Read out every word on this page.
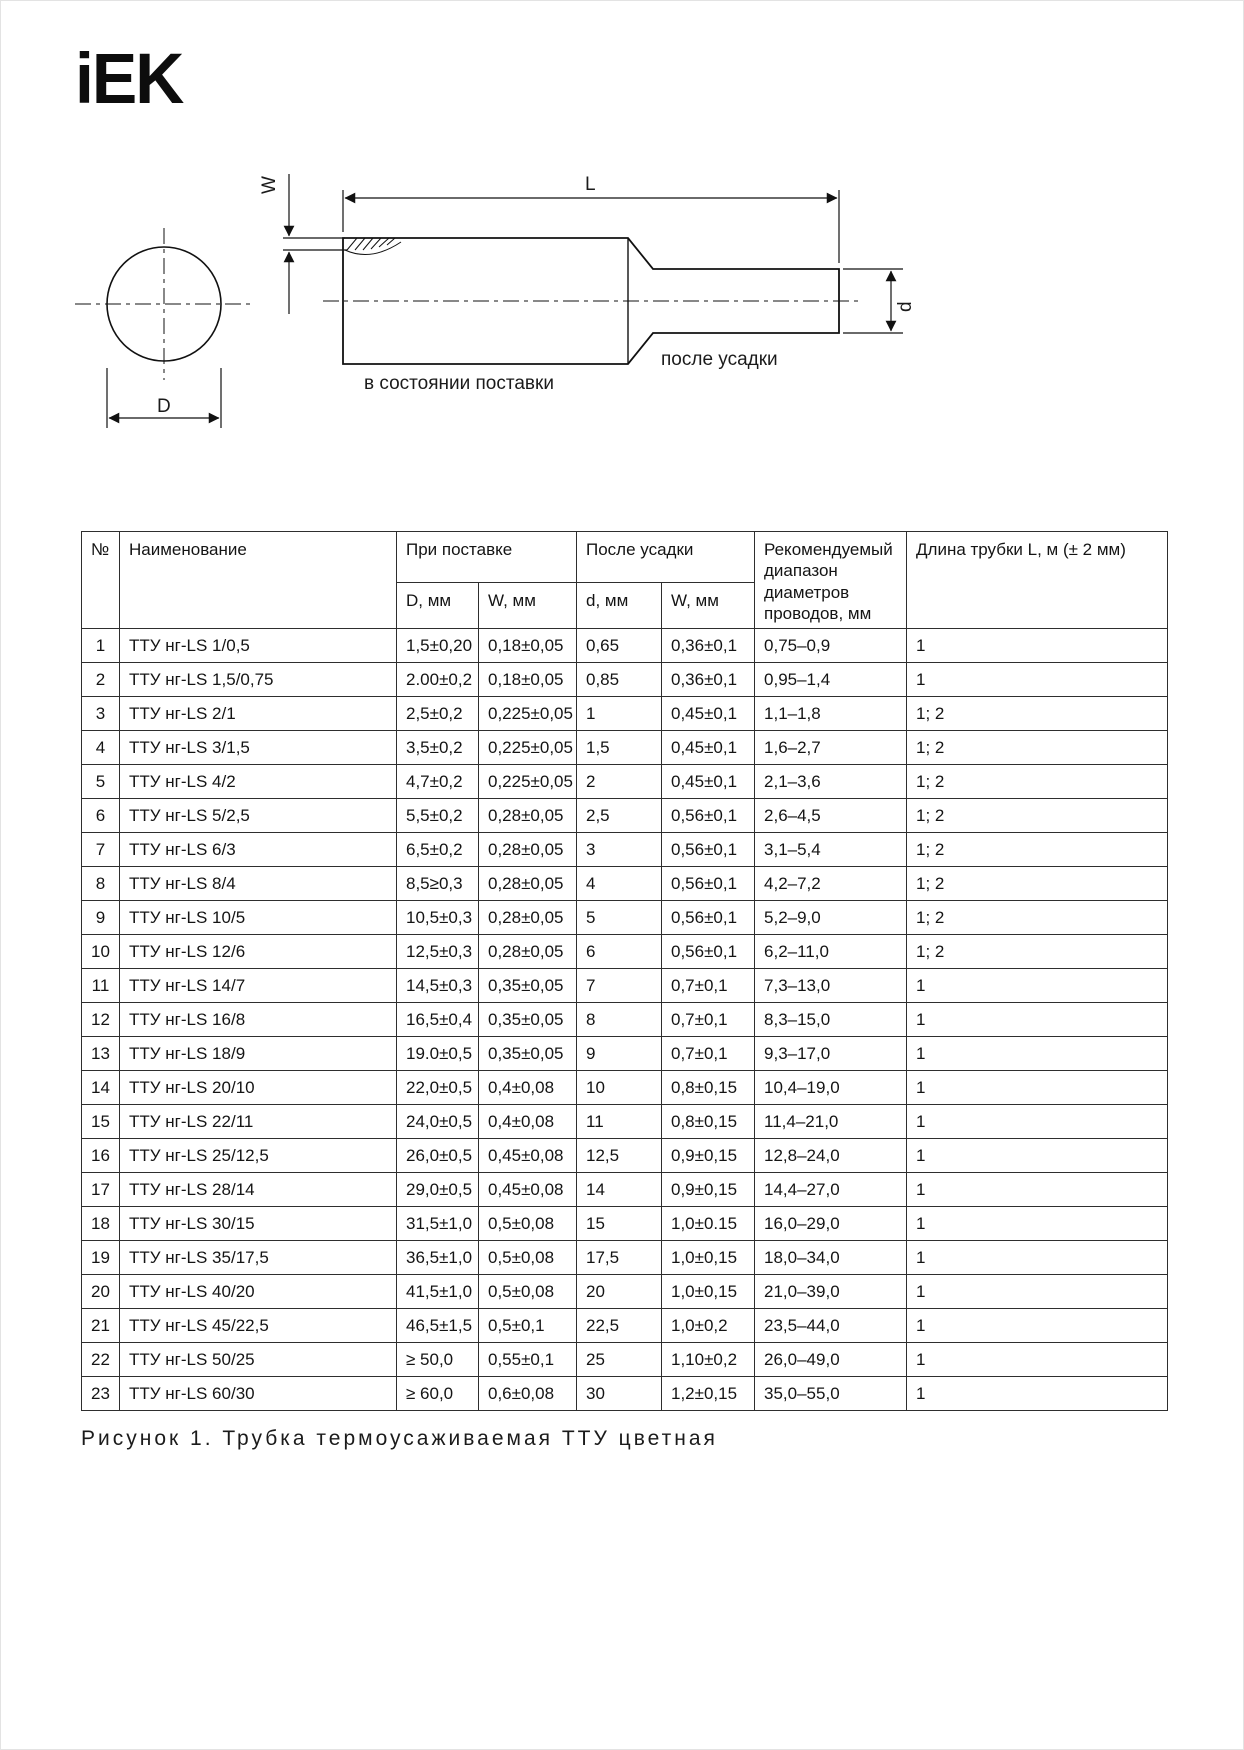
iEK
D
W	L
d
после усадки
в состоянии поставки
№	Наименование	При поставке		После усадки		Рекомендуемый диапазон диаметров проводов, мм	Длина трубки L, м (± 2 мм)
		D, мм	W, мм	d, мм	W, мм		
1	ТТУ нг-LS 1/0,5	1,5±0,20	0,18±0,05	0,65	0,36±0,1	0,75–0,9	1
2	ТТУ нг-LS 1,5/0,75	2.00±0,2	0,18±0,05	0,85	0,36±0,1	0,95–1,4	1
3	ТТУ нг-LS 2/1	2,5±0,2	0,225±0,05	1	0,45±0,1	1,1–1,8	1; 2
4	ТТУ нг-LS 3/1,5	3,5±0,2	0,225±0,05	1,5	0,45±0,1	1,6–2,7	1; 2
5	ТТУ нг-LS 4/2	4,7±0,2	0,225±0,05	2	0,45±0,1	2,1–3,6	1; 2
6	ТТУ нг-LS 5/2,5	5,5±0,2	0,28±0,05	2,5	0,56±0,1	2,6–4,5	1; 2
7	ТТУ нг-LS 6/3	6,5±0,2	0,28±0,05	3	0,56±0,1	3,1–5,4	1; 2
8	ТТУ нг-LS 8/4	8,5≥0,3	0,28±0,05	4	0,56±0,1	4,2–7,2	1; 2
9	ТТУ нг-LS 10/5	10,5±0,3	0,28±0,05	5	0,56±0,1	5,2–9,0	1; 2
10	ТТУ нг-LS 12/6	12,5±0,3	0,28±0,05	6	0,56±0,1	6,2–11,0	1; 2
11	ТТУ нг-LS 14/7	14,5±0,3	0,35±0,05	7	0,7±0,1	7,3–13,0	1
12	ТТУ нг-LS 16/8	16,5±0,4	0,35±0,05	8	0,7±0,1	8,3–15,0	1
13	ТТУ нг-LS 18/9	19.0±0,5	0,35±0,05	9	0,7±0,1	9,3–17,0	1
14	ТТУ нг-LS 20/10	22,0±0,5	0,4±0,08	10	0,8±0,15	10,4–19,0	1
15	ТТУ нг-LS 22/11	24,0±0,5	0,4±0,08	11	0,8±0,15	11,4–21,0	1
16	ТТУ нг-LS 25/12,5	26,0±0,5	0,45±0,08	12,5	0,9±0,15	12,8–24,0	1
17	ТТУ нг-LS 28/14	29,0±0,5	0,45±0,08	14	0,9±0,15	14,4–27,0	1
18	ТТУ нг-LS 30/15	31,5±1,0	0,5±0,08	15	1,0±0.15	16,0–29,0	1
19	ТТУ нг-LS 35/17,5	36,5±1,0	0,5±0,08	17,5	1,0±0,15	18,0–34,0	1
20	ТТУ нг-LS 40/20	41,5±1,0	0,5±0,08	20	1,0±0,15	21,0–39,0	1
21	ТТУ нг-LS 45/22,5	46,5±1,5	0,5±0,1	22,5	1,0±0,2	23,5–44,0	1
22	ТТУ нг-LS 50/25	≥ 50,0	0,55±0,1	25	1,10±0,2	26,0–49,0	1
23	ТТУ нг-LS 60/30	≥ 60,0	0,6±0,08	30	1,2±0,15	35,0–55,0	1
Рисунок 1. Трубка термоусаживаемая ТТУ цветная
